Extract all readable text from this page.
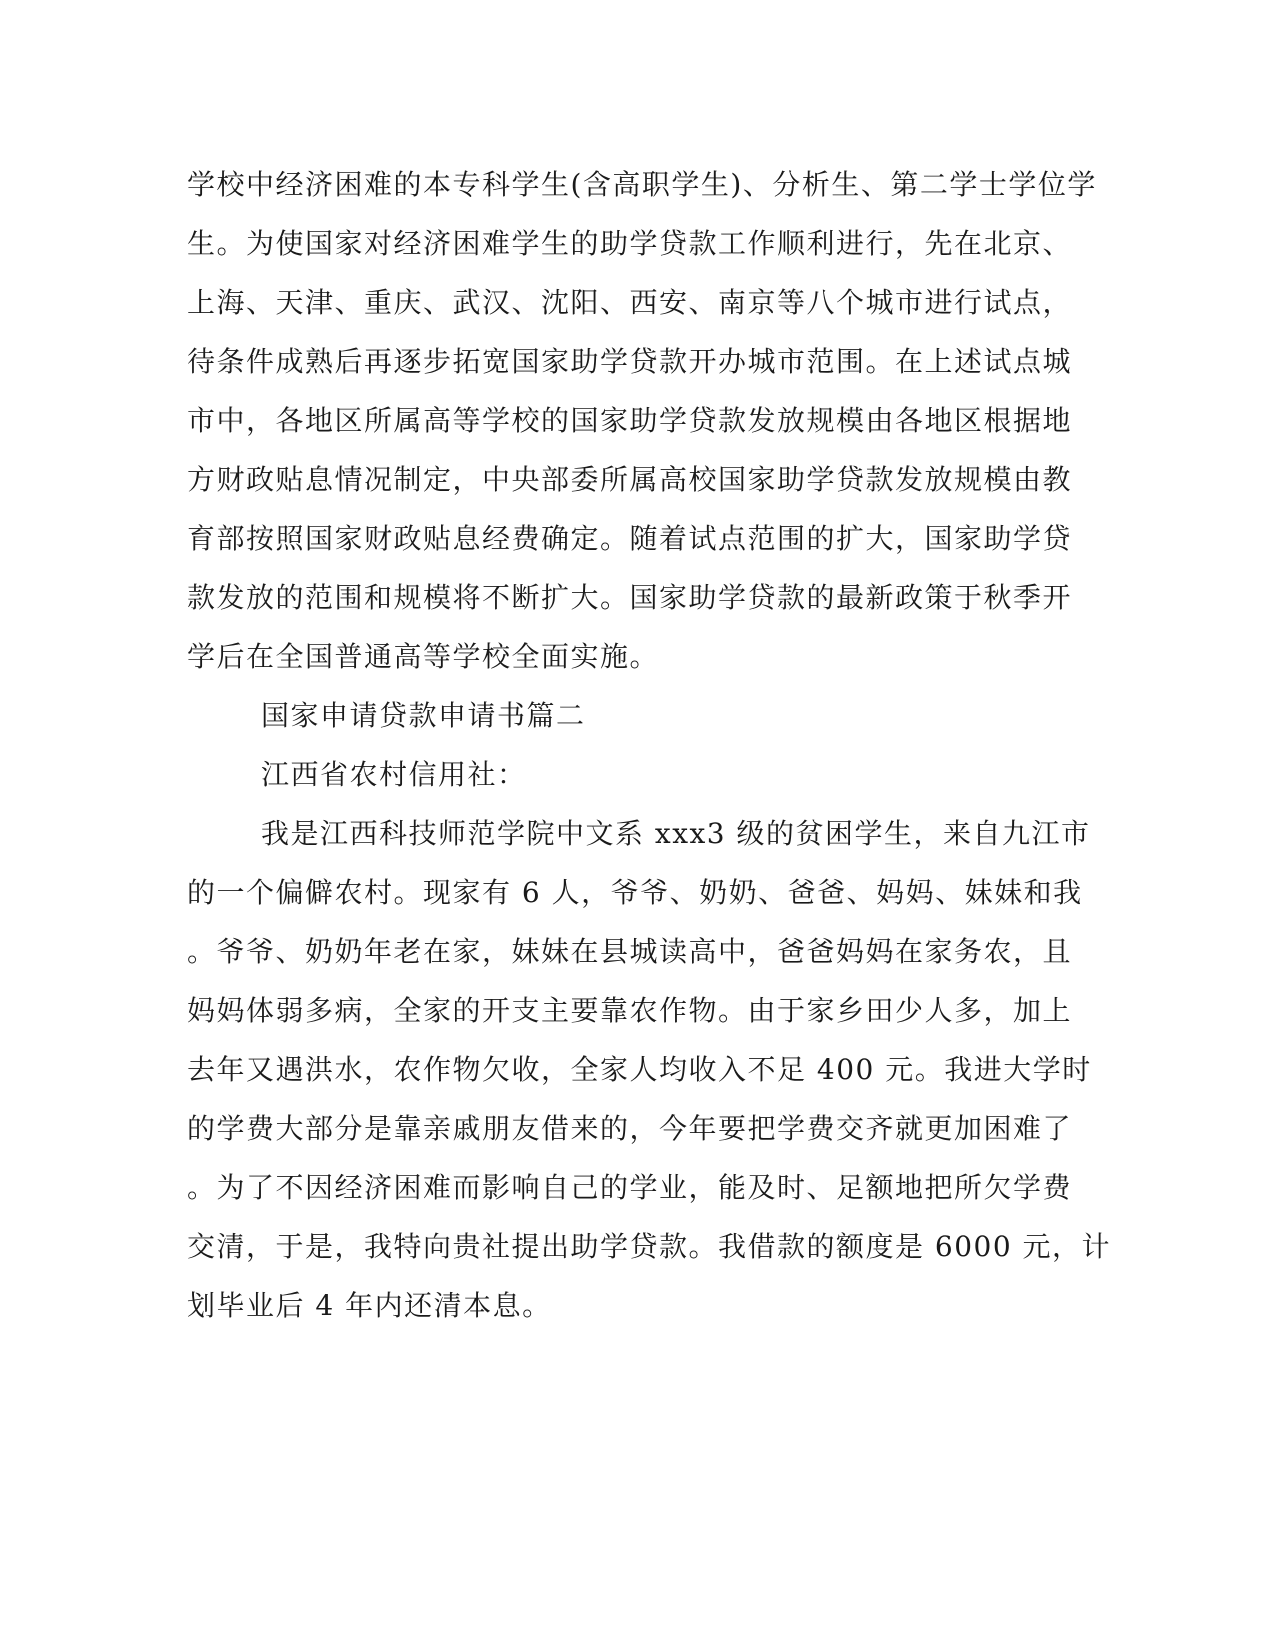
学校中经济困难的本专科学生(含高职学生)、分析生、第二学士学位学
生。为使国家对经济困难学生的助学贷款工作顺利进行，先在北京、
上海、天津、重庆、武汉、沈阳、西安、南京等八个城市进行试点，
待条件成熟后再逐步拓宽国家助学贷款开办城市范围。在上述试点城
市中，各地区所属高等学校的国家助学贷款发放规模由各地区根据地
方财政贴息情况制定，中央部委所属高校国家助学贷款发放规模由教
育部按照国家财政贴息经费确定。随着试点范围的扩大，国家助学贷
款发放的范围和规模将不断扩大。国家助学贷款的最新政策于秋季开
学后在全国普通高等学校全面实施。
国家申请贷款申请书篇二
江西省农村信用社：
我是江西科技师范学院中文系 xxx3 级的贫困学生，来自九江市
的一个偏僻农村。现家有 6 人，爷爷、奶奶、爸爸、妈妈、妹妹和我
。爷爷、奶奶年老在家，妹妹在县城读高中，爸爸妈妈在家务农，且
妈妈体弱多病，全家的开支主要靠农作物。由于家乡田少人多，加上
去年又遇洪水，农作物欠收，全家人均收入不足 400 元。我进大学时
的学费大部分是靠亲戚朋友借来的，今年要把学费交齐就更加困难了
。为了不因经济困难而影响自己的学业，能及时、足额地把所欠学费
交清，于是，我特向贵社提出助学贷款。我借款的额度是 6000 元，计
划毕业后 4 年内还清本息。
